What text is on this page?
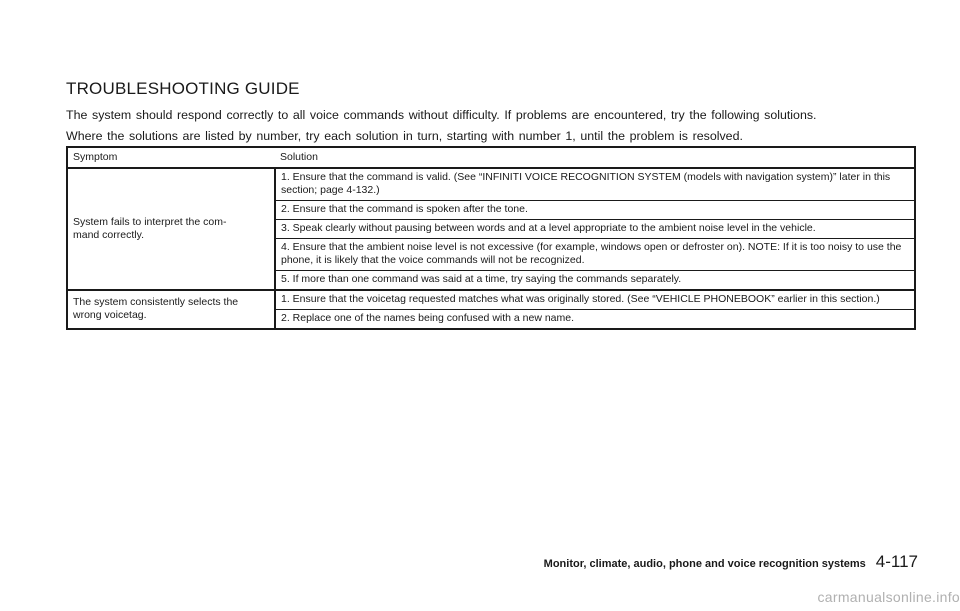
TROUBLESHOOTING GUIDE

The system should respond correctly to all voice commands without difficulty. If problems are encountered, try the following solutions.

Where the solutions are listed by number, try each solution in turn, starting with number 1, until the problem is resolved.

Symptom	Solution
System fails to interpret the com-
mand correctly.	1. Ensure that the command is valid. (See “INFINITI VOICE RECOGNITION SYSTEM (models with navigation system)” later in this section; page 4-132.)
	2. Ensure that the command is spoken after the tone.
	3. Speak clearly without pausing between words and at a level appropriate to the ambient noise level in the vehicle.
	4. Ensure that the ambient noise level is not excessive (for example, windows open or defroster on). NOTE: If it is too noisy to use the phone, it is likely that the voice commands will not be recognized.
	5. If more than one command was said at a time, try saying the commands separately.
The system consistently selects the
wrong voicetag.	1. Ensure that the voicetag requested matches what was originally stored. (See “VEHICLE PHONEBOOK” earlier in this section.)
	2. Replace one of the names being confused with a new name.
Monitor, climate, audio, phone and voice recognition systems 4-117
carmanualsonline.info
